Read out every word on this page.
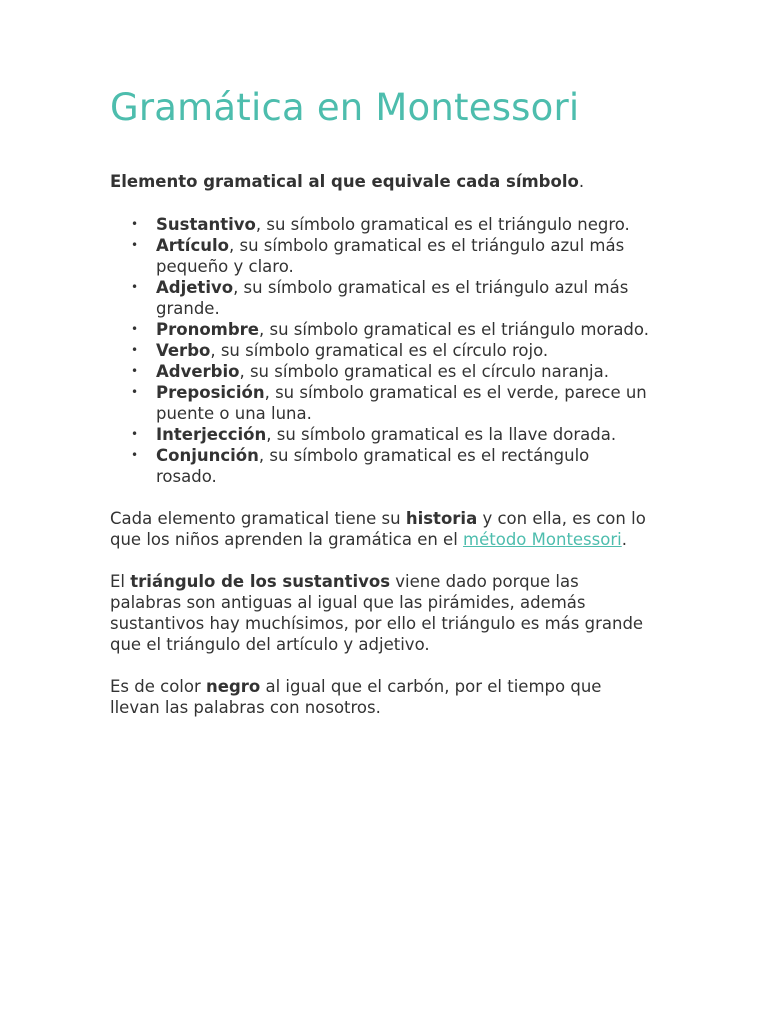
Gramática en Montessori

Elemento gramatical al que equivale cada símbolo.

• Sustantivo, su símbolo gramatical es el triángulo negro.
• Artículo, su símbolo gramatical es el triángulo azul más pequeño y claro.
• Adjetivo, su símbolo gramatical es el triángulo azul más grande.
• Pronombre, su símbolo gramatical es el triángulo morado.
• Verbo, su símbolo gramatical es el círculo rojo.
• Adverbio, su símbolo gramatical es el círculo naranja.
• Preposición, su símbolo gramatical es el verde, parece un puente o una luna.
• Interjección, su símbolo gramatical es la llave dorada.
• Conjunción, su símbolo gramatical es el rectángulo rosado.

Cada elemento gramatical tiene su historia y con ella, es con lo que los niños aprenden la gramática en el método Montessori.

El triángulo de los sustantivos viene dado porque las palabras son antiguas al igual que las pirámides, además sustantivos hay muchísimos, por ello el triángulo es más grande que el triángulo del artículo y adjetivo.

Es de color negro al igual que el carbón, por el tiempo que llevan las palabras con nosotros.
